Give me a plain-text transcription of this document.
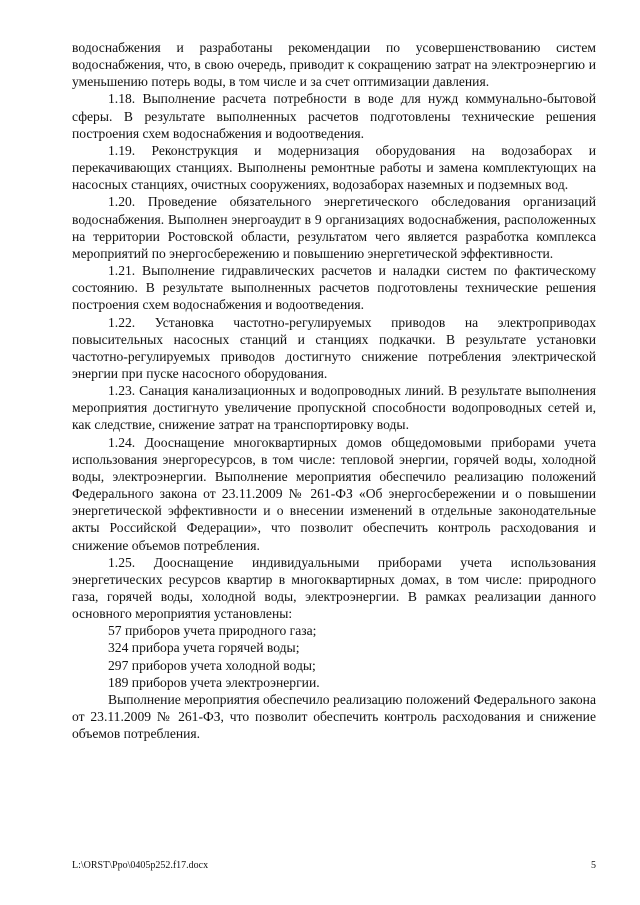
водоснабжения и разработаны рекомендации по усовершенствованию систем водоснабжения, что, в свою очередь, приводит к сокращению затрат на электроэнергию и уменьшению потерь воды, в том числе и за счет оптимизации давления.

1.18. Выполнение расчета потребности в воде для нужд коммунально-бытовой сферы. В результате выполненных расчетов подготовлены технические решения построения схем водоснабжения и водоотведения.

1.19. Реконструкция и модернизация оборудования на водозаборах и перекачивающих станциях. Выполнены ремонтные работы и замена комплектующих на насосных станциях, очистных сооружениях, водозаборах наземных и подземных вод.

1.20. Проведение обязательного энергетического обследования организаций водоснабжения. Выполнен энергоаудит в 9 организациях водоснабжения, расположенных на территории Ростовской области, результатом чего является разработка комплекса мероприятий по энергосбережению и повышению энергетической эффективности.

1.21. Выполнение гидравлических расчетов и наладки систем по фактическому состоянию. В результате выполненных расчетов подготовлены технические решения построения схем водоснабжения и водоотведения.

1.22. Установка частотно-регулируемых приводов на электроприводах повысительных насосных станций и станциях подкачки. В результате установки частотно-регулируемых приводов достигнуто снижение потребления электрической энергии при пуске насосного оборудования.

1.23. Санация канализационных и водопроводных линий. В результате выполнения мероприятия достигнуто увеличение пропускной способности водопроводных сетей и, как следствие, снижение затрат на транспортировку воды.

1.24. Дооснащение многоквартирных домов общедомовыми приборами учета использования энергоресурсов, в том числе: тепловой энергии, горячей воды, холодной воды, электроэнергии. Выполнение мероприятия обеспечило реализацию положений Федерального закона от 23.11.2009 № 261-ФЗ «Об энергосбережении и о повышении энергетической эффективности и о внесении изменений в отдельные законодательные акты Российской Федерации», что позволит обеспечить контроль расходования и снижение объемов потребления.

1.25. Дооснащение индивидуальными приборами учета использования энергетических ресурсов квартир в многоквартирных домах, в том числе: природного газа, горячей воды, холодной воды, электроэнергии. В рамках реализации данного основного мероприятия установлены:

57 приборов учета природного газа;

324 прибора учета горячей воды;

297 приборов учета холодной воды;

189 приборов учета электроэнергии.

Выполнение мероприятия обеспечило реализацию положений Федерального закона от 23.11.2009 № 261-ФЗ, что позволит обеспечить контроль расходования и снижение объемов потребления.

L:\ORST\Ppo\0405p252.f17.docx	5
